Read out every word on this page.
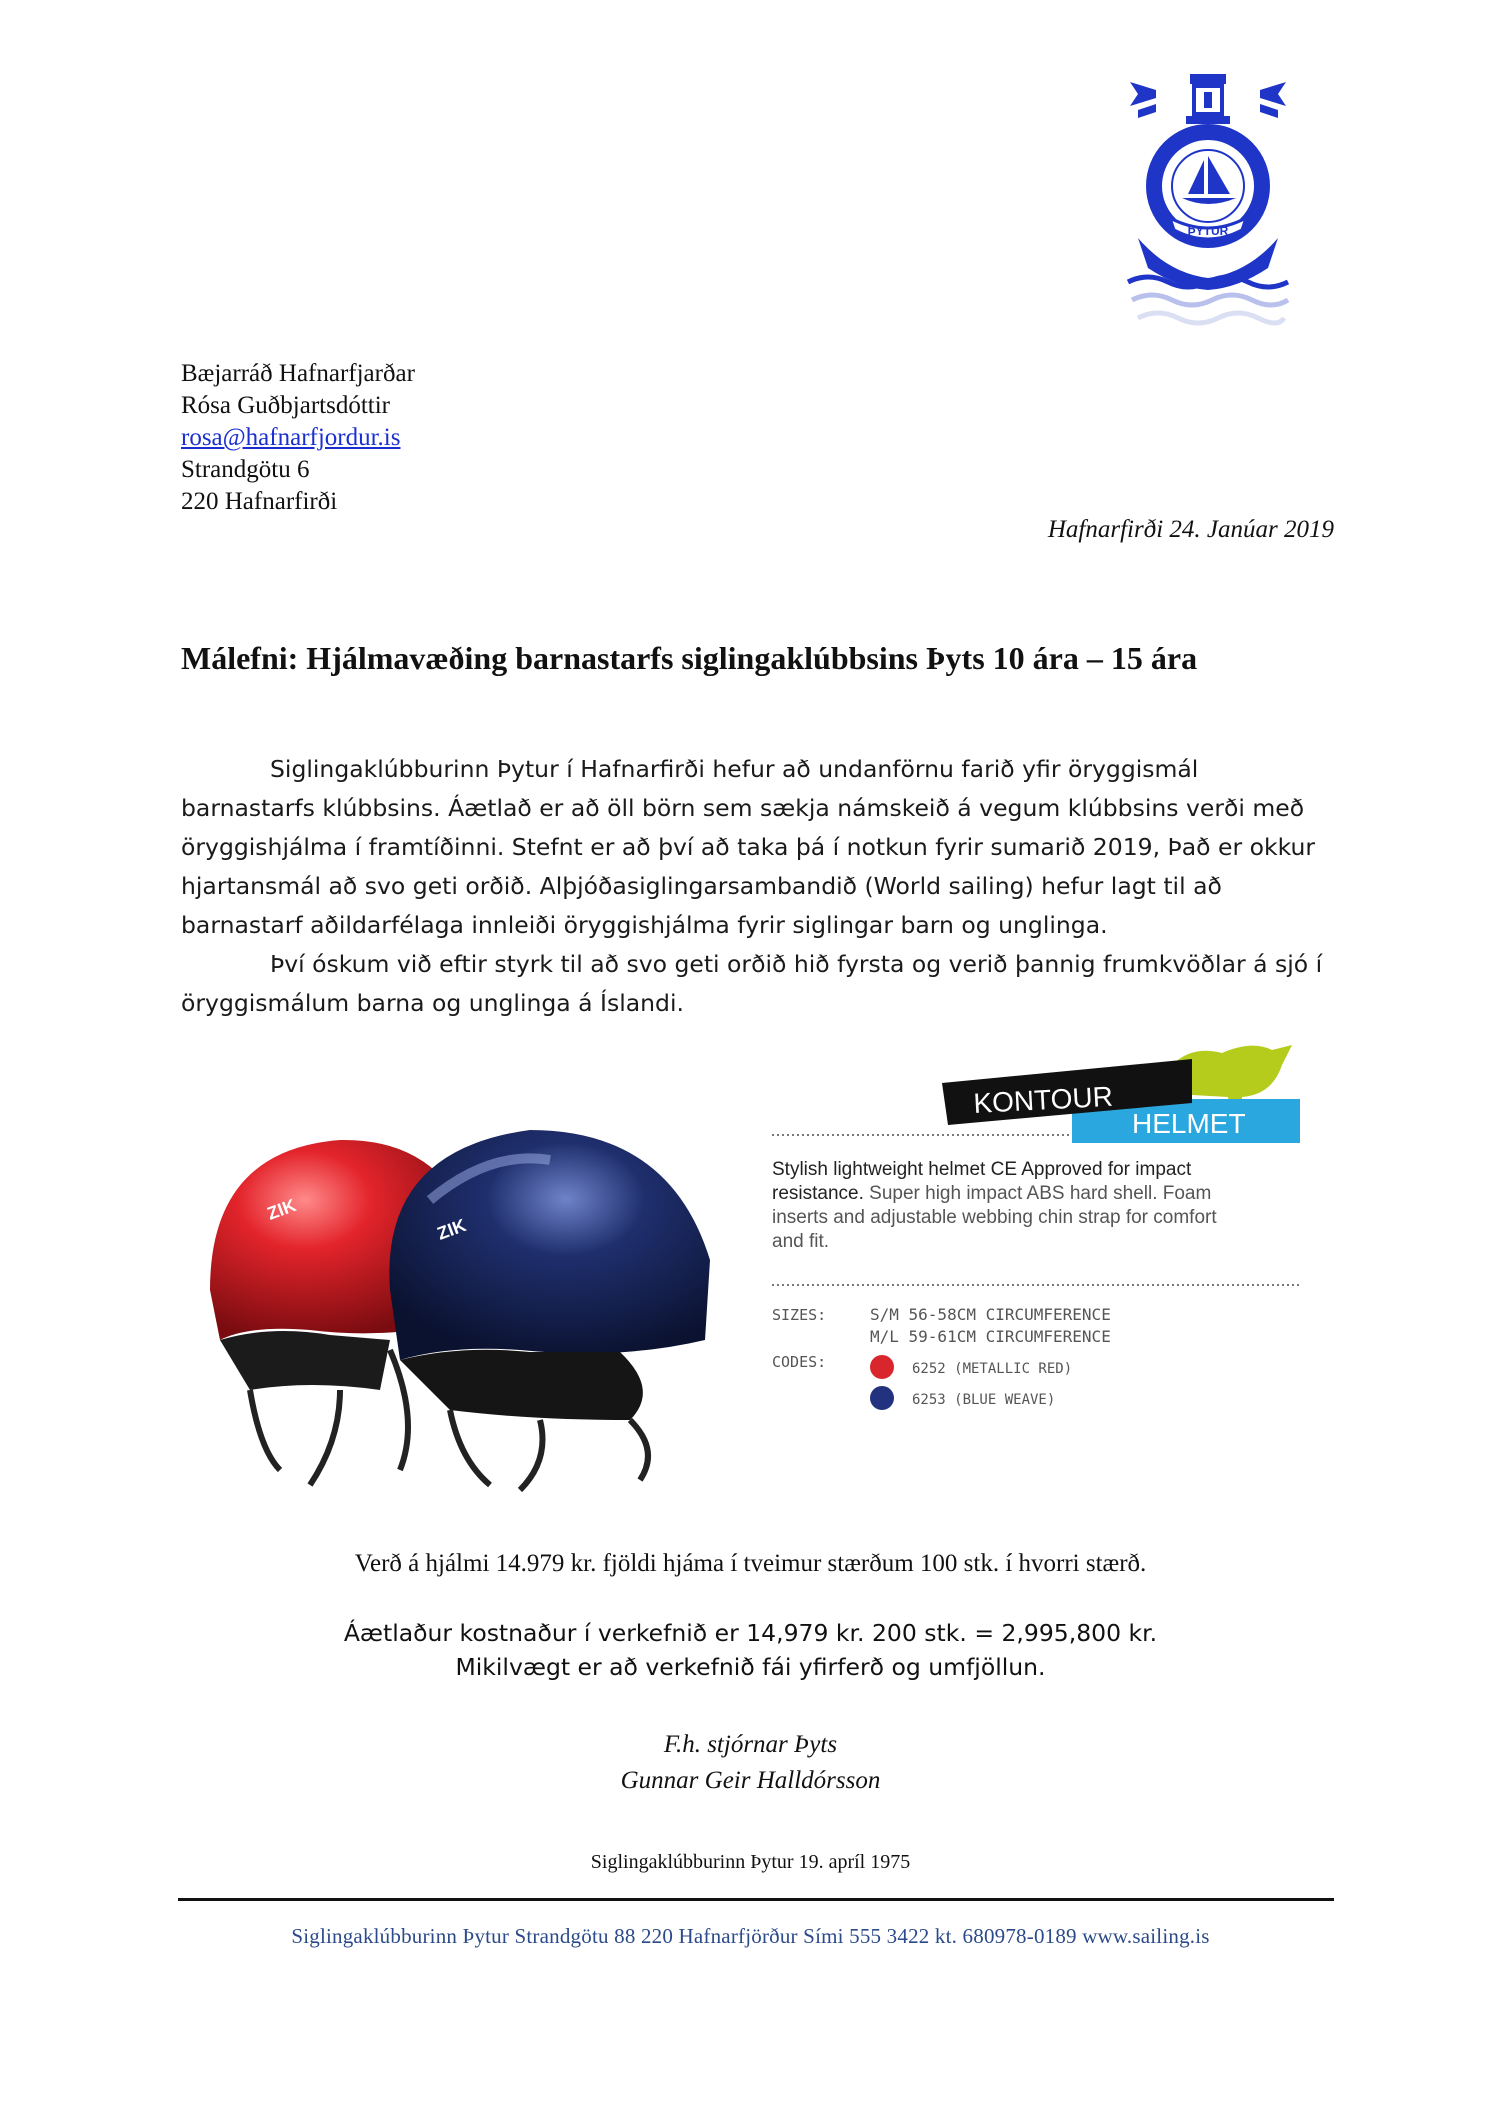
ÞYTUR
Bæjarráð Hafnarfjarðar
Rósa Guðbjartsdóttir
rosa@hafnarfjordur.is
Strandgötu 6
220 Hafnarfirði
Hafnarfirði 24. Janúar 2019
Málefni: Hjálmavæðing barnastarfs siglingaklúbbsins Þyts 10 ára – 15 ára
Siglingaklúbburinn Þytur í Hafnarfirði hefur að undanförnu farið yfir öryggismál barnastarfs klúbbsins. Áætlað er að öll börn sem sækja námskeið á vegum klúbbsins verði með öryggishjálma í framtíðinni. Stefnt er að því að taka þá í notkun fyrir sumarið 2019, Það er okkur hjartansmál að svo geti orðið. Alþjóðasiglingarsambandið (World sailing) hefur lagt til að barnastarf aðildarfélaga innleiði öryggishjálma fyrir siglingar barn og unglinga.
Því óskum við eftir styrk til að svo geti orðið hið fyrsta og verið þannig frumkvöðlar á sjó í öryggismálum barna og unglinga á Íslandi.
ZIK
ZIK
HELMET
KONTOUR
Stylish lightweight helmet CE Approved for impact
resistance. Super high impact ABS hard shell. Foam
inserts and adjustable webbing chin strap for comfort
and fit.
SIZES:	S/M 56-58CM CIRCUMFERENCE
M/L 59-61CM CIRCUMFERENCE
CODES:	6252 (METALLIC RED)
6253 (BLUE WEAVE)
Verð á hjálmi 14.979 kr. fjöldi hjáma í tveimur stærðum 100 stk. í hvorri stærð.
Áætlaður kostnaður í verkefnið er 14,979 kr. 200 stk. = 2,995,800 kr.
Mikilvægt er að verkefnið fái yfirferð og umfjöllun.
F.h. stjórnar Þyts
Gunnar Geir Halldórsson
Siglingaklúbburinn Þytur 19. apríl 1975
Siglingaklúbburinn Þytur Strandgötu 88 220 Hafnarfjörður Sími 555 3422 kt. 680978-0189 www.sailing.is
